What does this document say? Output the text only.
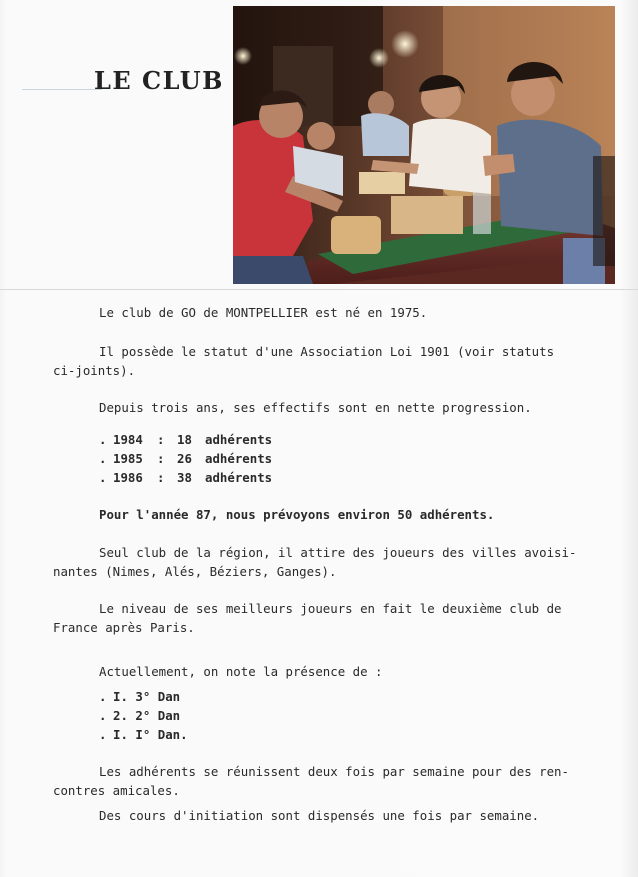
LE CLUB

Le club de GO de MONTPELLIER est né en 1975.

Il possède le statut d'une Association Loi 1901 (voir statuts

ci-joints).

Depuis trois ans, ses effectifs sont en nette progression.

. 1984 : 18 adhérents
. 1985 : 26 adhérents
. 1986 : 38 adhérents

Pour l'année 87, nous prévoyons environ 50 adhérents.

Seul club de la région, il attire des joueurs des villes avoisi-

nantes (Nimes, Alés, Béziers, Ganges).

Le niveau de ses meilleurs joueurs en fait le deuxième club de

France après Paris.

Actuellement, on note la présence de :

. I. 3° Dan
. 2. 2° Dan
. I. I° Dan.

Les adhérents se réunissent deux fois par semaine pour des ren-

contres amicales.

Des cours d'initiation sont dispensés une fois par semaine.
